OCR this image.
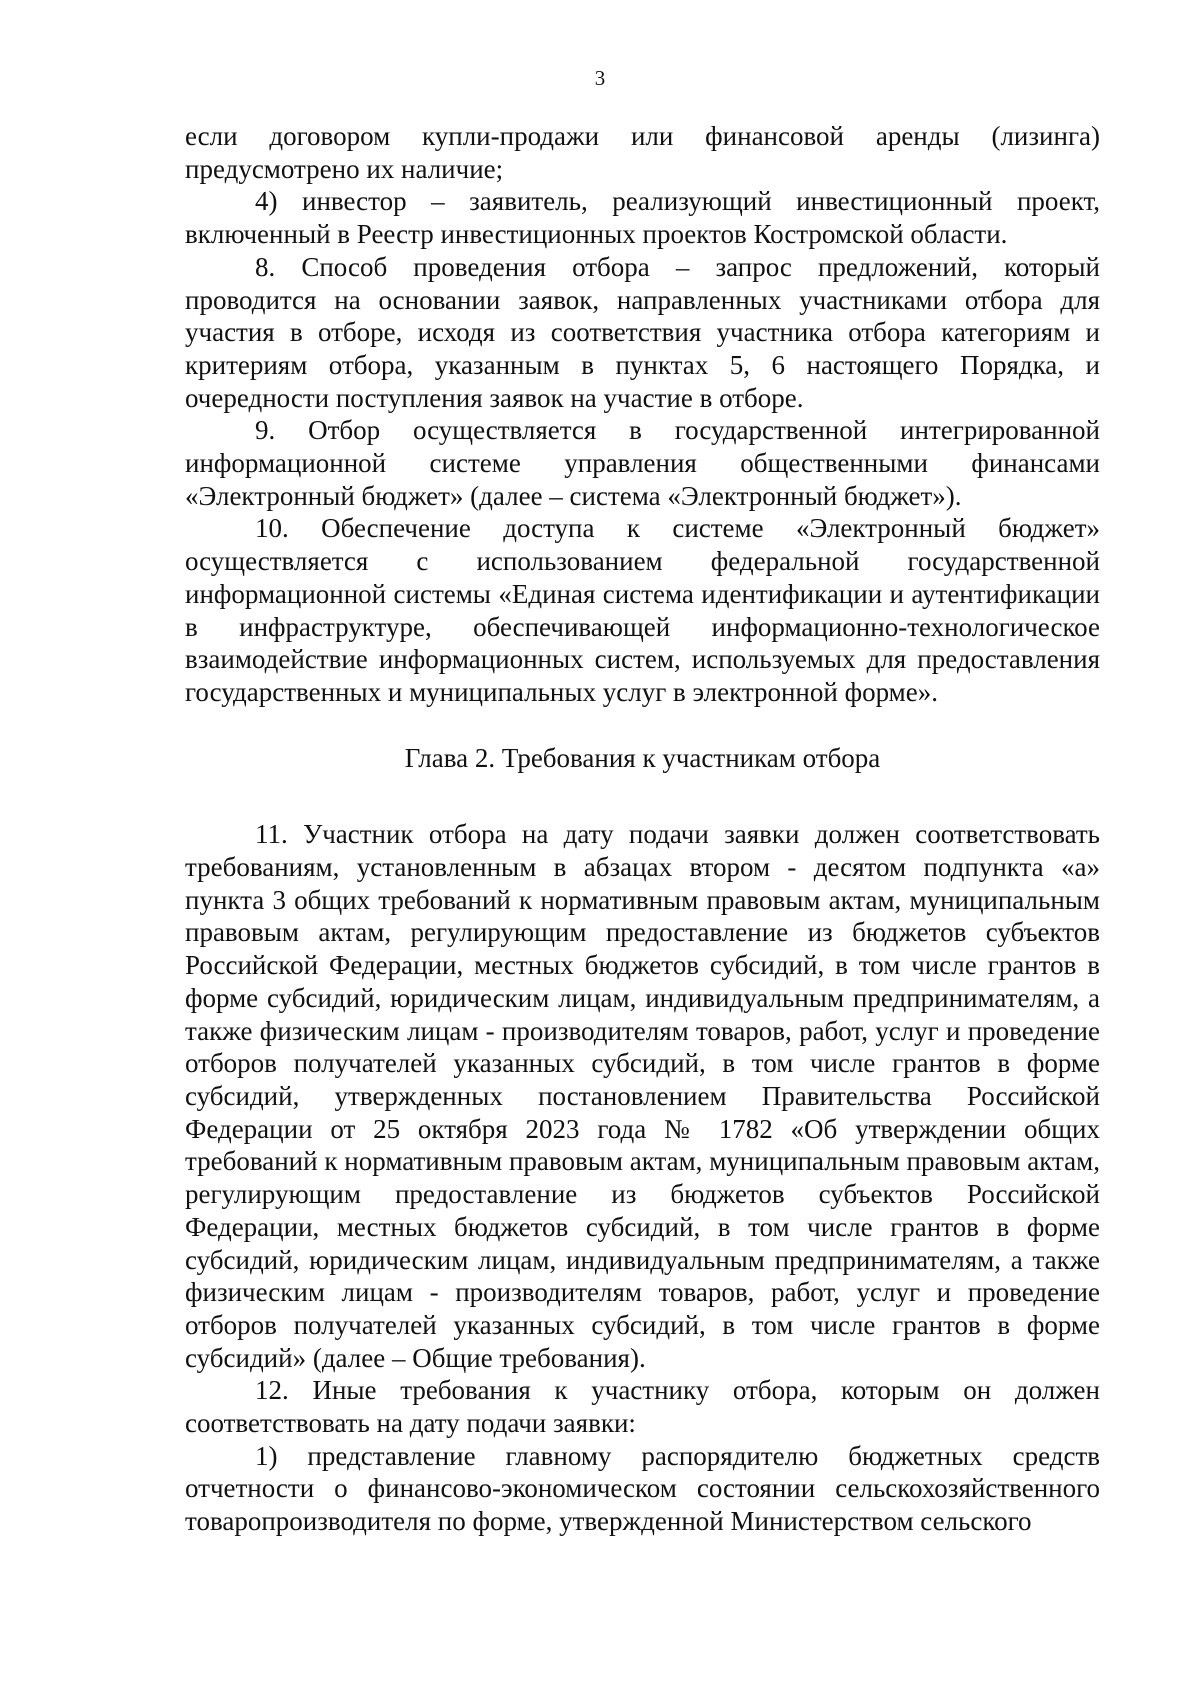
3

если договором купли-продажи или финансовой аренды (лизинга) предусмотрено их наличие;

4) инвестор – заявитель, реализующий инвестиционный проект, включенный в Реестр инвестиционных проектов Костромской области.

8. Способ проведения отбора – запрос предложений, который проводится на основании заявок, направленных участниками отбора для участия в отборе, исходя из соответствия участника отбора категориям и критериям отбора, указанным в пунктах 5, 6 настоящего Порядка, и очередности поступления заявок на участие в отборе.

9. Отбор осуществляется в государственной интегрированной информационной системе управления общественными финансами «Электронный бюджет» (далее – система «Электронный бюджет»).

10. Обеспечение доступа к системе «Электронный бюджет» осуществляется с использованием федеральной государственной информационной системы «Единая система идентификации и аутентификации в инфраструктуре, обеспечивающей информационно-технологическое взаимодействие информационных систем, используемых для предоставления государственных и муниципальных услуг в электронной форме».

Глава 2. Требования к участникам отбора

11. Участник отбора на дату подачи заявки должен соответствовать требованиям, установленным в абзацах втором - десятом подпункта «а» пункта 3 общих требований к нормативным правовым актам, муниципальным правовым актам, регулирующим предоставление из бюджетов субъектов Российской Федерации, местных бюджетов субсидий, в том числе грантов в форме субсидий, юридическим лицам, индивидуальным предпринимателям, а также физическим лицам - производителям товаров, работ, услуг и проведение отборов получателей указанных субсидий, в том числе грантов в форме субсидий, утвержденных постановлением Правительства Российской Федерации от 25 октября 2023 года № 1782 «Об утверждении общих требований к нормативным правовым актам, муниципальным правовым актам, регулирующим предоставление из бюджетов субъектов Российской Федерации, местных бюджетов субсидий, в том числе грантов в форме субсидий, юридическим лицам, индивидуальным предпринимателям, а также физическим лицам - производителям товаров, работ, услуг и проведение отборов получателей указанных субсидий, в том числе грантов в форме субсидий» (далее – Общие требования).

12. Иные требования к участнику отбора, которым он должен соответствовать на дату подачи заявки:

1) представление главному распорядителю бюджетных средств отчетности о финансово-экономическом состоянии сельскохозяйственного товаропроизводителя по форме, утвержденной Министерством сельского
